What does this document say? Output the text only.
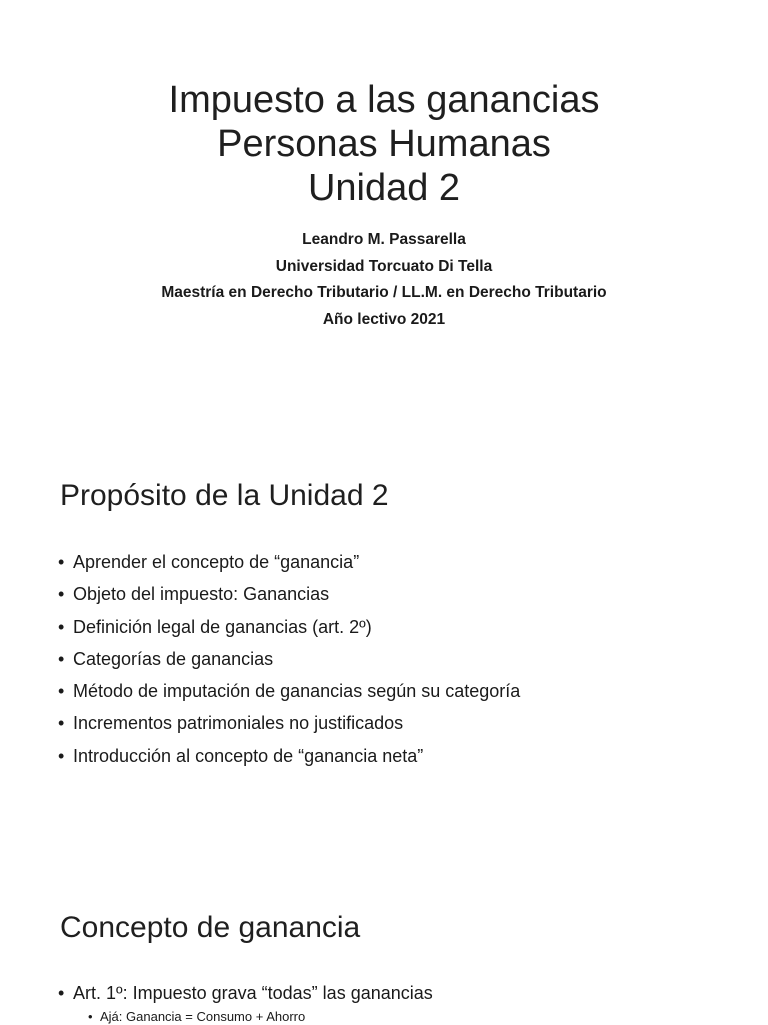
Impuesto a las ganancias
Personas Humanas
Unidad 2
Leandro M. Passarella
Universidad Torcuato Di Tella
Maestría en Derecho Tributario / LL.M. en Derecho Tributario
Año lectivo 2021
Propósito de la Unidad 2
• Aprender el concepto de “ganancia”
• Objeto del impuesto: Ganancias
• Definición legal de ganancias (art. 2º)
• Categorías de ganancias
• Método de imputación de ganancias según su categoría
• Incrementos patrimoniales no justificados
• Introducción al concepto de “ganancia neta”
Concepto de ganancia
• Art. 1º: Impuesto grava “todas” las ganancias
• Ajá: Ganancia = Consumo + Ahorro
